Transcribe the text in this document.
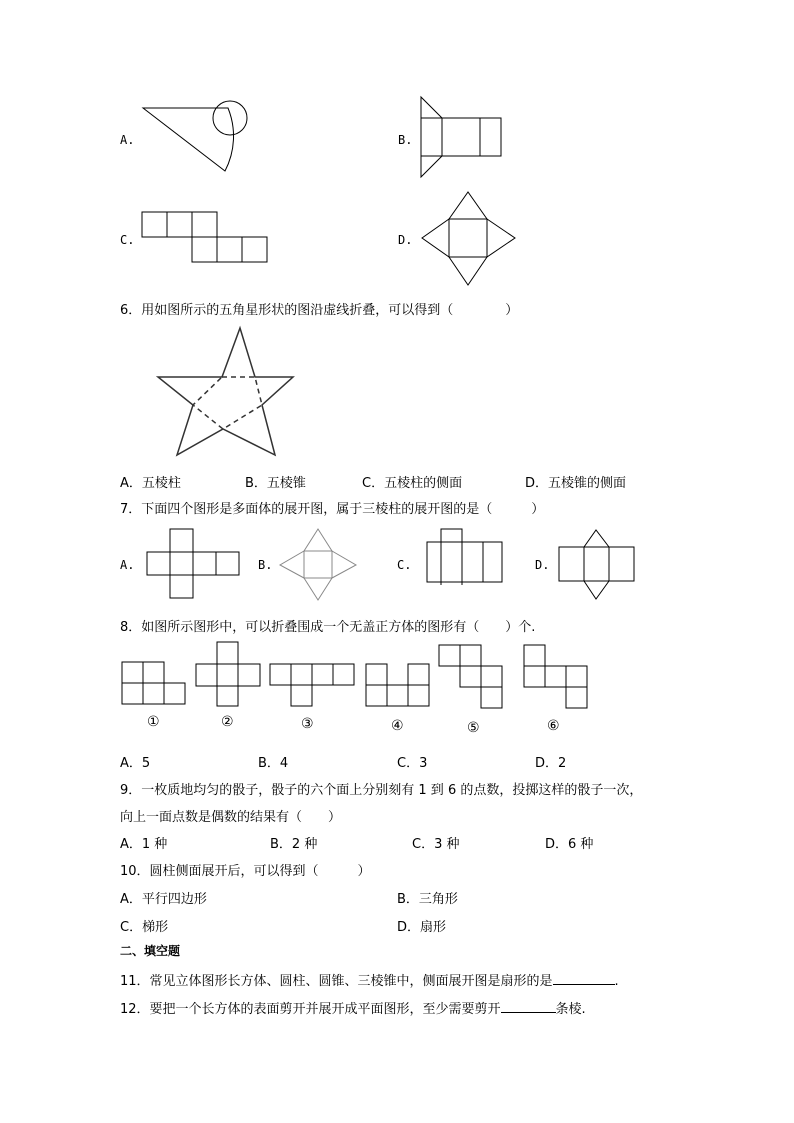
A.	B.
C.	D.
6．用如图所示的五角星形状的图沿虚线折叠，可以得到（　　　　）
A．五棱柱	B．五棱锥	C．五棱柱的侧面	D．五棱锥的侧面
7．下面四个图形是多面体的展开图，属于三棱柱的展开图的是（　　　）
A.	B.	C.	D.
8．如图所示图形中，可以折叠围成一个无盖正方体的图形有（　　）个.
①	②	③	④	⑤	⑥
A．5	B．4	C．3	D．2
9．一枚质地均匀的骰子，骰子的六个面上分别刻有 1 到 6 的点数，投掷这样的骰子一次，
向上一面点数是偶数的结果有（　　）
A．1 种	B．2 种	C．3 种	D．6 种
10．圆柱侧面展开后，可以得到（　　　）
A．平行四边形	B．三角形
C．梯形	D．扇形
二、填空题
11．常见立体图形长方体、圆柱、圆锥、三棱锥中，侧面展开图是扇形的是	.
12．要把一个长方体的表面剪开并展开成平面图形，至少需要剪开	条棱.
